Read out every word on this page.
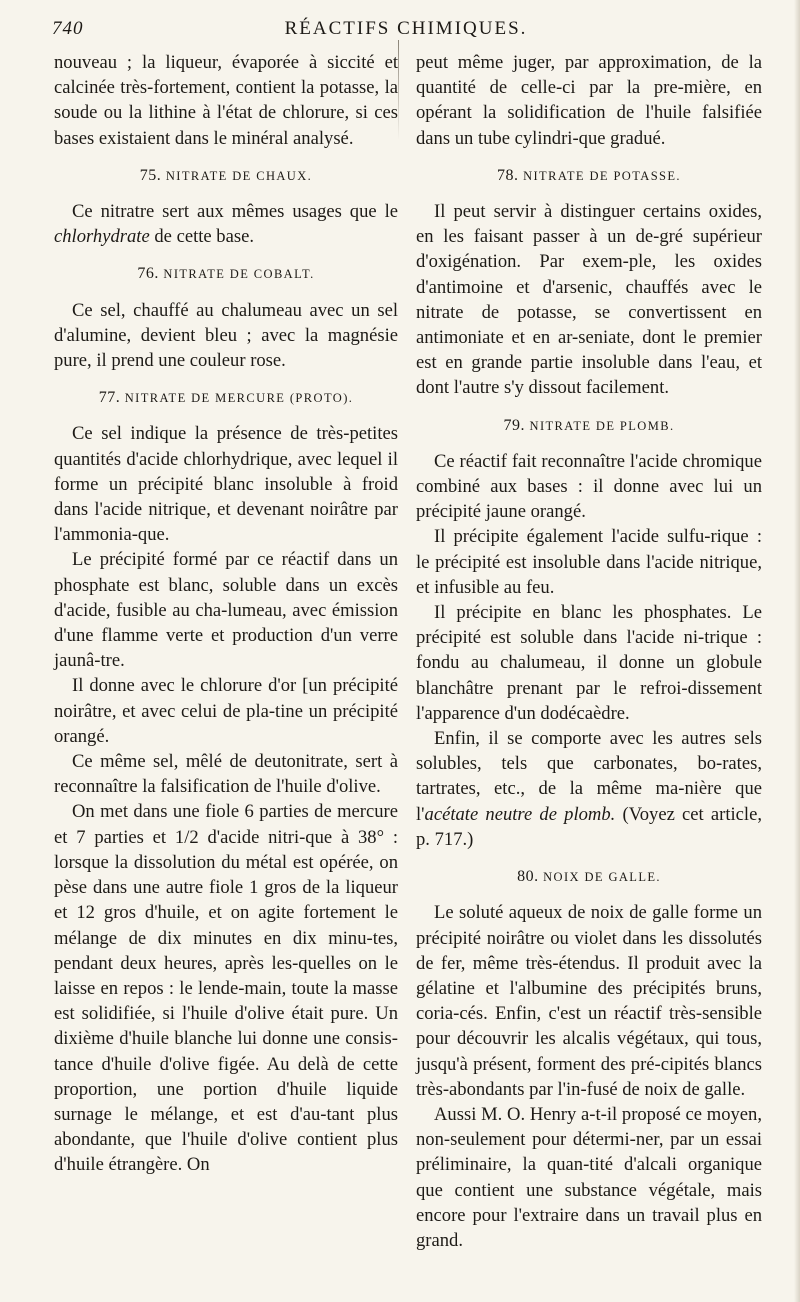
740	RÉACTIFS CHIMIQUES.

nouveau ; la liqueur, évaporée à siccité et calcinée très-fortement, contient la potasse, la soude ou la lithine à l'état de chlorure, si ces bases existaient dans le minéral analysé.

75. NITRATE DE CHAUX.

Ce nitratre sert aux mêmes usages que le chlorhydrate de cette base.

76. NITRATE DE COBALT.

Ce sel, chauffé au chalumeau avec un sel d'alumine, devient bleu ; avec la magnésie pure, il prend une couleur rose.

77. NITRATE DE MERCURE (PROTO).

Ce sel indique la présence de très-petites quantités d'acide chlorhydrique, avec lequel il forme un précipité blanc insoluble à froid dans l'acide nitrique, et devenant noirâtre par l'ammonia-que.

Le précipité formé par ce réactif dans un phosphate est blanc, soluble dans un excès d'acide, fusible au cha-lumeau, avec émission d'une flamme verte et production d'un verre jaunâ-tre.

Il donne avec le chlorure d'or [un précipité noirâtre, et avec celui de pla-tine un précipité orangé.

Ce même sel, mêlé de deutonitrate, sert à reconnaître la falsification de l'huile d'olive.

On met dans une fiole 6 parties de mercure et 7 parties et 1/2 d'acide nitri-que à 38° : lorsque la dissolution du métal est opérée, on pèse dans une autre fiole 1 gros de la liqueur et 12 gros d'huile, et on agite fortement le mélange de dix minutes en dix minu-tes, pendant deux heures, après les-quelles on le laisse en repos : le lende-main, toute la masse est solidifiée, si l'huile d'olive était pure. Un dixième d'huile blanche lui donne une consis-tance d'huile d'olive figée. Au delà de cette proportion, une portion d'huile liquide surnage le mélange, et est d'au-tant plus abondante, que l'huile d'olive contient plus d'huile étrangère. On

peut même juger, par approximation, de la quantité de celle-ci par la pre-mière, en opérant la solidification de l'huile falsifiée dans un tube cylindri-que gradué.

78. NITRATE DE POTASSE.

Il peut servir à distinguer certains oxides, en les faisant passer à un de-gré supérieur d'oxigénation. Par exem-ple, les oxides d'antimoine et d'arsenic, chauffés avec le nitrate de potasse, se convertissent en antimoniate et en ar-seniate, dont le premier est en grande partie insoluble dans l'eau, et dont l'autre s'y dissout facilement.

79. NITRATE DE PLOMB.

Ce réactif fait reconnaître l'acide chromique combiné aux bases : il donne avec lui un précipité jaune orangé.

Il précipite également l'acide sulfu-rique : le précipité est insoluble dans l'acide nitrique, et infusible au feu.

Il précipite en blanc les phosphates. Le précipité est soluble dans l'acide ni-trique : fondu au chalumeau, il donne un globule blanchâtre prenant par le refroi-dissement l'apparence d'un dodécaèdre.

Enfin, il se comporte avec les autres sels solubles, tels que carbonates, bo-rates, tartrates, etc., de la même ma-nière que l'acétate neutre de plomb. (Voyez cet article, p. 717.)

80. NOIX DE GALLE.

Le soluté aqueux de noix de galle forme un précipité noirâtre ou violet dans les dissolutés de fer, même très-étendus. Il produit avec la gélatine et l'albumine des précipités bruns, coria-cés. Enfin, c'est un réactif très-sensible pour découvrir les alcalis végétaux, qui tous, jusqu'à présent, forment des pré-cipités blancs très-abondants par l'in-fusé de noix de galle.

Aussi M. O. Henry a-t-il proposé ce moyen, non-seulement pour détermi-ner, par un essai préliminaire, la quan-tité d'alcali organique que contient une substance végétale, mais encore pour l'extraire dans un travail plus en grand.
